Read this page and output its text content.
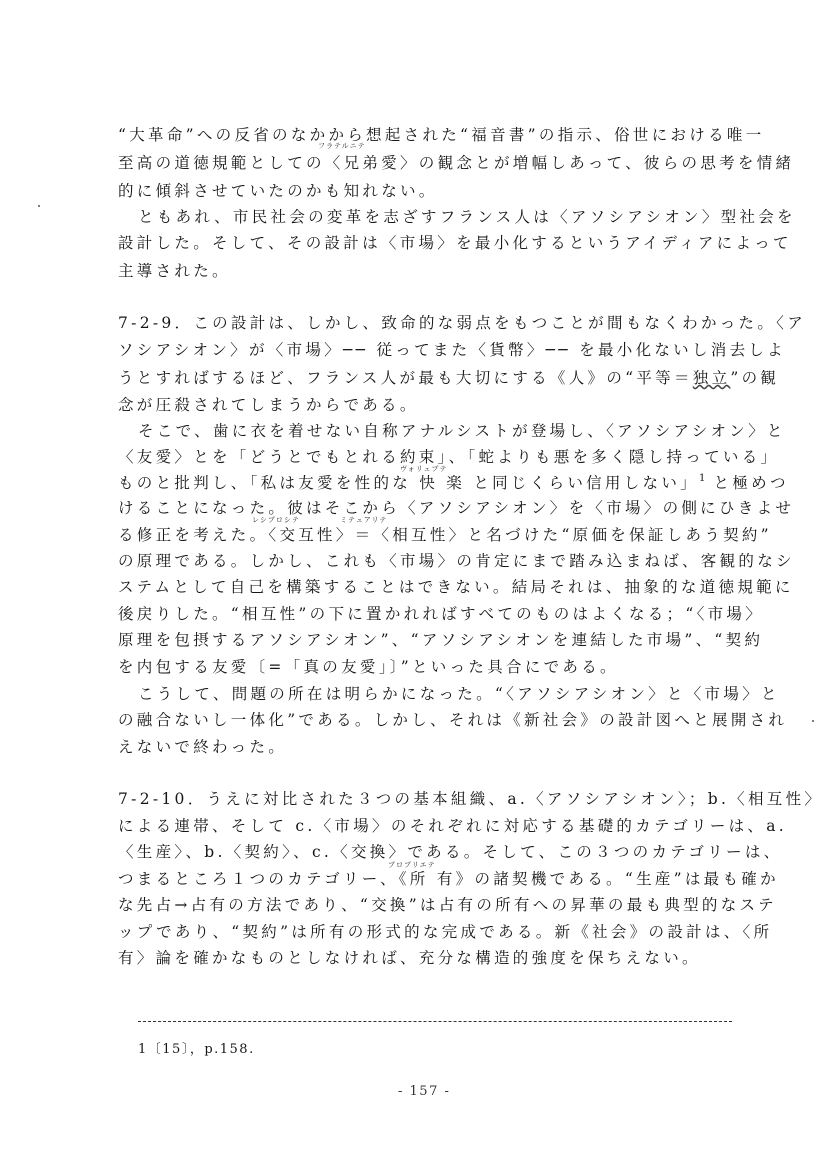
“大革命”への反省のなかから想起された“福音書”の指示、俗世における唯一
フラテルニテ
至高の道徳規範としての〈兄弟愛〉の観念とが増幅しあって、彼らの思考を情緒
的に傾斜させていたのかも知れない。
ともあれ、市民社会の変革を志ざすフランス人は〈アソシアシオン〉型社会を
設計した。そして、その設計は〈市場〉を最小化するというアイディアによって
主導された。
7-2-9．この設計は、しかし、致命的な弱点をもつことが間もなくわかった。〈ア
ソシアシオン〉が〈市場〉── 従ってまた〈貨幣〉── を最小化ないし消去しよ
うとすればするほど、フランス人が最も大切にする《人》の“平等＝独立”の観
念が圧殺されてしまうからである。
そこで、歯に衣を着せない自称アナルシストが登場し、〈アソシアシオン〉と
〈友愛〉とを「どうとでもとれる約束」、「蛇よりも悪を多く隠し持っている」
ヴォリュプテ
ものと批判し、「私は友愛を性的な 快 楽 と同じくらい信用しない」$^1$ と極めつ
けることになった。彼はそこから〈アソシアシオン〉を〈市場〉の側にひきよせ
レシプロシテ	ミテュアリテ
る修正を考えた。〈交互性〉＝〈相互性〉と名づけた“原価を保証しあう契約”
の原理である。しかし、これも〈市場〉の肯定にまで踏み込まねば、客観的なシ
ステムとして自己を構築することはできない。結局それは、抽象的な道徳規範に
後戻りした。“相互性”の下に置かれればすべてのものはよくなる；“〈市場〉
原理を包摂するアソシアシオン”、“アソシアシオンを連結した市場”、“契約
を内包する友愛〔=「真の友愛」〕”といった具合にである。
こうして、問題の所在は明らかになった。“〈アソシアシオン〉と〈市場〉と
の融合ないし一体化”である。しかし、それは《新社会》の設計図へと展開され
えないで終わった。
7-2-10．うえに対比された３つの基本組織、a.〈アソシアシオン〉；b.〈相互性〉
による連帯、そして c.〈市場〉のそれぞれに対応する基礎的カテゴリーは、a.
〈生産〉、b.〈契約〉、c.〈交換〉である。そして、この３つのカテゴリーは、
プロプリエテ
つまるところ１つのカテゴリー、《所 有》の諸契機である。“生産”は最も確か
な先占→占有の方法であり、“交換”は占有の所有への昇華の最も典型的なステ
ップであり、“契約”は所有の形式的な完成である。新《社会》の設計は、〈所
有〉論を確かなものとしなければ、充分な構造的強度を保ちえない。
1〔15〕，p.158.
- 157 -
